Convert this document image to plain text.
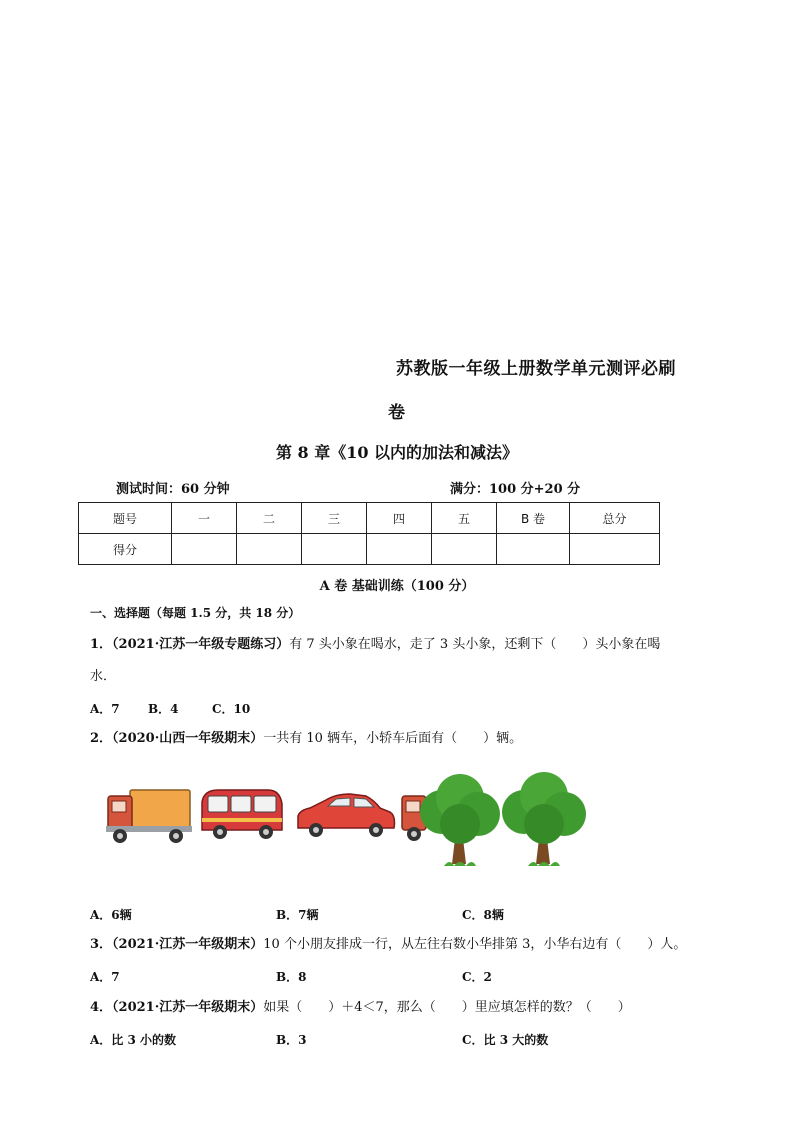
苏教版一年级上册数学单元测评必刷
卷
第 8 章《10 以内的加法和减法》
测试时间：60 分钟	满分：100 分+20 分
题号	一	二	三	四	五	B 卷	总分
得分							
A 卷 基础训练（100 分）
一、选择题（每题 1.5 分，共 18 分）
1．（2021·江苏一年级专题练习）有 7 头小象在喝水，走了 3 头小象，还剩下（　　）头小象在喝
水．
A．7 B．4	C．10
2．（2020·山西一年级期末）一共有 10 辆车，小轿车后面有（　　）辆。
A．6辆	B．7辆	C．8辆
3．（2021·江苏一年级期末）10 个小朋友排成一行，从左往右数小华排第 3，小华右边有（　　）人。
A．7	B．8	C．2
4．（2021·江苏一年级期末）如果（　　）＋4＜7，那么（　　）里应填怎样的数？（　　）
A．比 3 小的数	B．3	C．比 3 大的数
